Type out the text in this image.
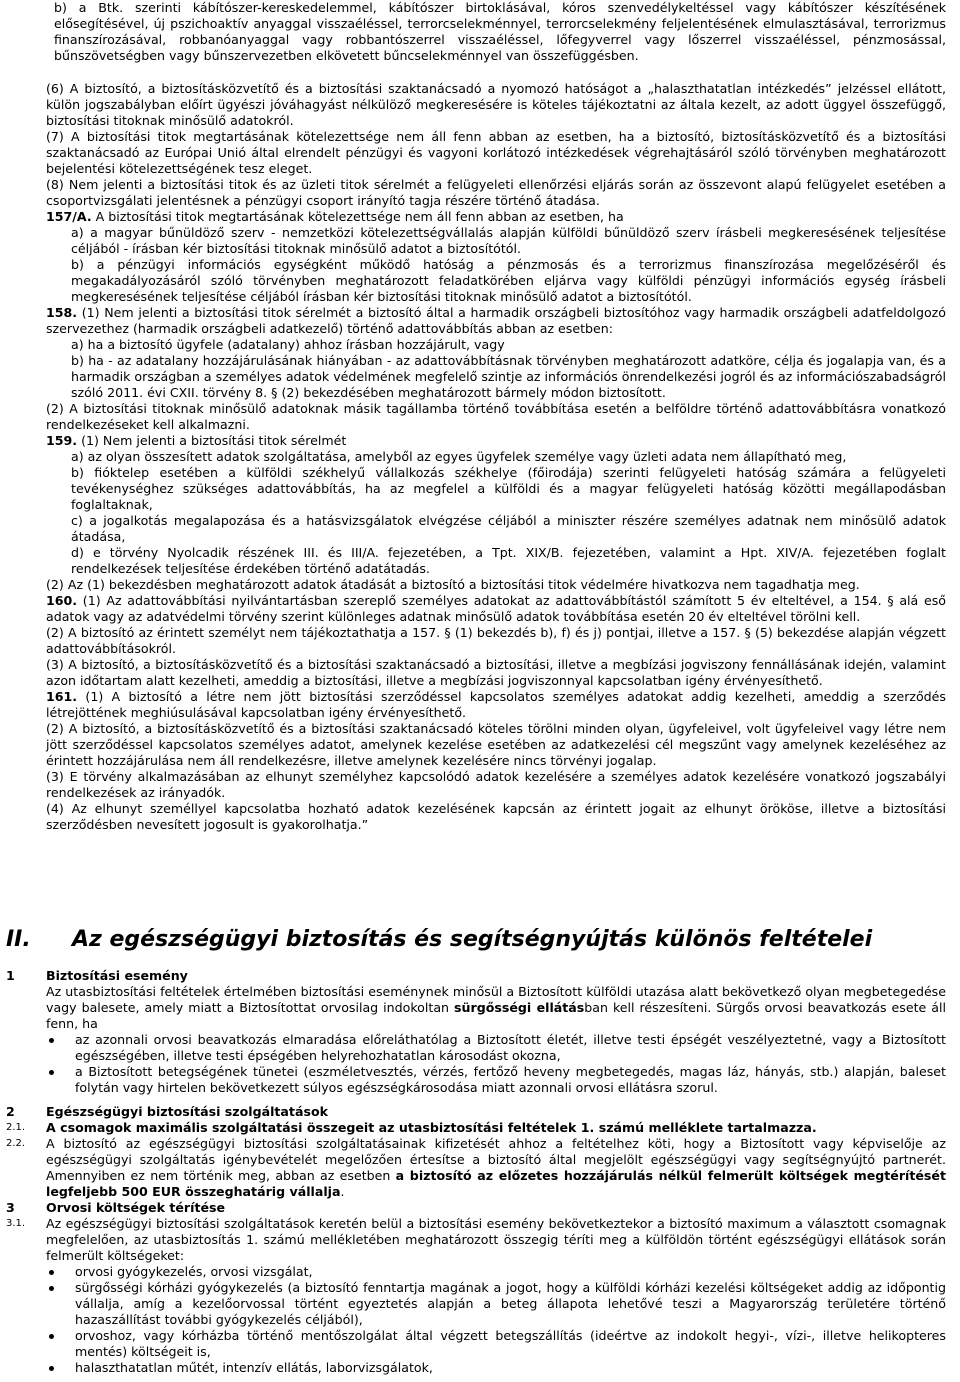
b) a Btk. szerinti kábítószer-kereskedelemmel, kábítószer birtoklásával, kóros szenvedélykeltéssel vagy kábítószer készítésének elősegítésével, új pszichoaktív anyaggal visszaéléssel, terrorcselekménnyel, terrorcselekmény feljelentésének elmulasztásával, terrorizmus finanszírozásával, robbanóanyaggal vagy robbantószerrel visszaéléssel, lőfegyverrel vagy lőszerrel visszaéléssel, pénzmosással, bűnszövetségben vagy bűnszervezetben elkövetett bűncselekménnyel van összefüggésben.

(6) A biztosító, a biztosításközvetítő és a biztosítási szaktanácsadó a nyomozó hatóságot a „halaszthatatlan intézkedés” jelzéssel ellátott, külön jogszabályban előírt ügyészi jóváhagyást nélkülöző megkeresésére is köteles tájékoztatni az általa kezelt, az adott üggyel összefüggő, biztosítási titoknak minősülő adatokról.

(7) A biztosítási titok megtartásának kötelezettsége nem áll fenn abban az esetben, ha a biztosító, biztosításközvetítő és a biztosítási szaktanácsadó az Európai Unió által elrendelt pénzügyi és vagyoni korlátozó intézkedések végrehajtásáról szóló törvényben meghatározott bejelentési kötelezettségének tesz eleget.

(8) Nem jelenti a biztosítási titok és az üzleti titok sérelmét a felügyeleti ellenőrzési eljárás során az összevont alapú felügyelet esetében a csoportvizsgálati jelentésnek a pénzügyi csoport irányító tagja részére történő átadása.

157/A. A biztosítási titok megtartásának kötelezettsége nem áll fenn abban az esetben, ha

a) a magyar bűnüldöző szerv - nemzetközi kötelezettségvállalás alapján külföldi bűnüldöző szerv írásbeli megkeresésének teljesítése céljából - írásban kér biztosítási titoknak minősülő adatot a biztosítótól.

b) a pénzügyi információs egységként működő hatóság a pénzmosás és a terrorizmus finanszírozása megelőzéséről és megakadályozásáról szóló törvényben meghatározott feladatkörében eljárva vagy külföldi pénzügyi információs egység írásbeli megkeresésének teljesítése céljából írásban kér biztosítási titoknak minősülő adatot a biztosítótól.

158. (1) Nem jelenti a biztosítási titok sérelmét a biztosító által a harmadik országbeli biztosítóhoz vagy harmadik országbeli adatfeldolgozó szervezethez (harmadik országbeli adatkezelő) történő adattovábbítás abban az esetben:

a) ha a biztosító ügyfele (adatalany) ahhoz írásban hozzájárult, vagy

b) ha - az adatalany hozzájárulásának hiányában - az adattovábbításnak törvényben meghatározott adatköre, célja és jogalapja van, és a harmadik országban a személyes adatok védelmének megfelelő szintje az információs önrendelkezési jogról és az információszabadságról szóló 2011. évi CXII. törvény 8. § (2) bekezdésében meghatározott bármely módon biztosított.

(2) A biztosítási titoknak minősülő adatoknak másik tagállamba történő továbbítása esetén a belföldre történő adattovábbításra vonatkozó rendelkezéseket kell alkalmazni.

159. (1) Nem jelenti a biztosítási titok sérelmét

a) az olyan összesített adatok szolgáltatása, amelyből az egyes ügyfelek személye vagy üzleti adata nem állapítható meg,

b) fióktelep esetében a külföldi székhelyű vállalkozás székhelye (főirodája) szerinti felügyeleti hatóság számára a felügyeleti tevékenységhez szükséges adattovábbítás, ha az megfelel a külföldi és a magyar felügyeleti hatóság közötti megállapodásban foglaltaknak,

c) a jogalkotás megalapozása és a hatásvizsgálatok elvégzése céljából a miniszter részére személyes adatnak nem minősülő adatok átadása,

d) e törvény Nyolcadik részének III. és III/A. fejezetében, a Tpt. XIX/B. fejezetében, valamint a Hpt. XIV/A. fejezetében foglalt rendelkezések teljesítése érdekében történő adatátadás.

(2) Az (1) bekezdésben meghatározott adatok átadását a biztosító a biztosítási titok védelmére hivatkozva nem tagadhatja meg.

160. (1) Az adattovábbítási nyilvántartásban szereplő személyes adatokat az adattovábbítástól számított 5 év elteltével, a 154. § alá eső adatok vagy az adatvédelmi törvény szerint különleges adatnak minősülő adatok továbbítása esetén 20 év elteltével törölni kell.

(2) A biztosító az érintett személyt nem tájékoztathatja a 157. § (1) bekezdés b), f) és j) pontjai, illetve a 157. § (5) bekezdése alapján végzett adattovábbításokról.

(3) A biztosító, a biztosításközvetítő és a biztosítási szaktanácsadó a biztosítási, illetve a megbízási jogviszony fennállásának idején, valamint azon időtartam alatt kezelheti, ameddig a biztosítási, illetve a megbízási jogviszonnyal kapcsolatban igény érvényesíthető.

161. (1) A biztosító a létre nem jött biztosítási szerződéssel kapcsolatos személyes adatokat addig kezelheti, ameddig a szerződés létrejöttének meghiúsulásával kapcsolatban igény érvényesíthető.

(2) A biztosító, a biztosításközvetítő és a biztosítási szaktanácsadó köteles törölni minden olyan, ügyfeleivel, volt ügyfeleivel vagy létre nem jött szerződéssel kapcsolatos személyes adatot, amelynek kezelése esetében az adatkezelési cél megszűnt vagy amelynek kezeléséhez az érintett hozzájárulása nem áll rendelkezésre, illetve amelynek kezelésére nincs törvényi jogalap.

(3) E törvény alkalmazásában az elhunyt személyhez kapcsolódó adatok kezelésére a személyes adatok kezelésére vonatkozó jogszabályi rendelkezések az irányadók.

(4) Az elhunyt személlyel kapcsolatba hozható adatok kezelésének kapcsán az érintett jogait az elhunyt örököse, illetve a biztosítási szerződésben nevesített jogosult is gyakorolhatja.”

II. Az egészségügyi biztosítás és segítségnyújtás különös feltételei
1 Biztosítási esemény

Az utasbiztosítási feltételek értelmében biztosítási eseménynek minősül a Biztosított külföldi utazása alatt bekövetkező olyan megbetegedése vagy balesete, amely miatt a Biztosítottat orvosilag indokoltan sürgősségi ellátásban kell részesíteni. Sürgős orvosi beavatkozás esete áll fenn, ha

az azonnali orvosi beavatkozás elmaradása előreláthatólag a Biztosított életét, illetve testi épségét veszélyeztetné, vagy a Biztosított egészségében, illetve testi épségében helyrehozhatatlan károsodást okozna,
a Biztosított betegségének tünetei (eszméletvesztés, vérzés, fertőző heveny megbetegedés, magas láz, hányás, stb.) alapján, baleset folytán vagy hirtelen bekövetkezett súlyos egészségkárosodása miatt azonnali orvosi ellátásra szorul.
2 Egészségügyi biztosítási szolgáltatások
2.1. A csomagok maximális szolgáltatási összegeit az utasbiztosítási feltételek 1. számú melléklete tartalmazza.
2.2. A biztosító az egészségügyi biztosítási szolgáltatásainak kifizetését ahhoz a feltételhez köti, hogy a Biztosított vagy képviselője az egészségügyi szolgáltatás igénybevételét megelőzően értesítse a biztosító által megjelölt egészségügyi vagy segítségnyújtó partnerét. Amennyiben ez nem történik meg, abban az esetben a biztosító az előzetes hozzájárulás nélkül felmerült költségek megtérítését legfeljebb 500 EUR összeghatárig vállalja.

3 Orvosi költségek térítése
3.1. Az egészségügyi biztosítási szolgáltatások keretén belül a biztosítási esemény bekövetkeztekor a biztosító maximum a választott csomagnak megfelelően, az utasbiztosítás 1. számú mellékletében meghatározott összegig téríti meg a külföldön történt egészségügyi ellátások során felmerült költségeket:

orvosi gyógykezelés, orvosi vizsgálat,
sürgősségi kórházi gyógykezelés (a biztosító fenntartja magának a jogot, hogy a külföldi kórházi kezelési költségeket addig az időpontig vállalja, amíg a kezelőorvossal történt egyeztetés alapján a beteg állapota lehetővé teszi a Magyarország területére történő hazaszállítást további gyógykezelés céljából),
orvoshoz, vagy kórházba történő mentőszolgálat által végzett betegszállítás (ideértve az indokolt hegyi-, vízi-, illetve helikopteres mentés) költségeit is,
halaszthatatlan műtét, intenzív ellátás, laborvizsgálatok,
